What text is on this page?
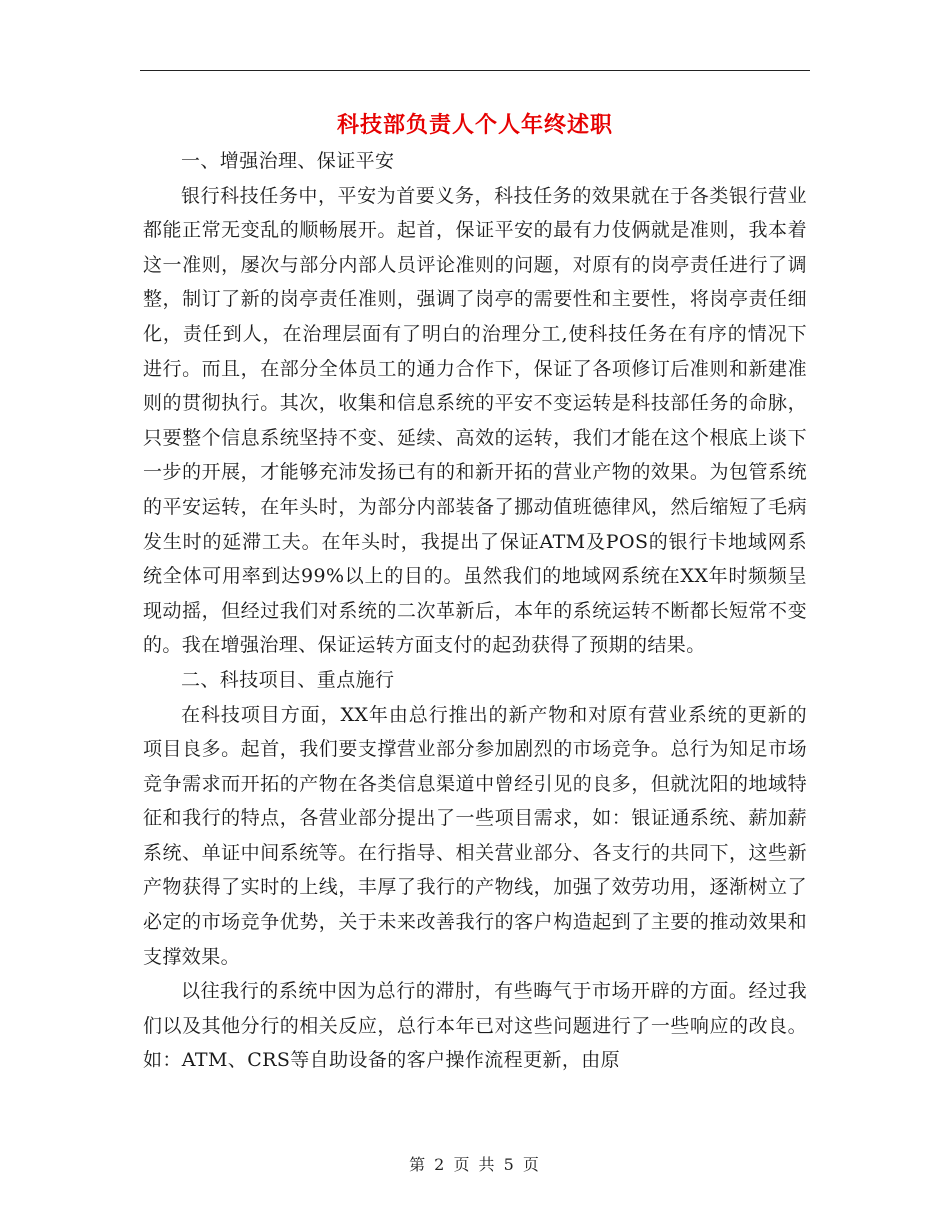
科技部负责人个人年终述职

一、增强治理、保证平安

银行科技任务中，平安为首要义务，科技任务的效果就在于各类银行营业都能正常无变乱的顺畅展开。起首，保证平安的最有力伎俩就是准则，我本着这一准则，屡次与部分内部人员评论准则的问题，对原有的岗亭责任进行了调整，制订了新的岗亭责任准则，强调了岗亭的需要性和主要性，将岗亭责任细化，责任到人，在治理层面有了明白的治理分工,使科技任务在有序的情况下进行。而且，在部分全体员工的通力合作下，保证了各项修订后准则和新建准则的贯彻执行。其次，收集和信息系统的平安不变运转是科技部任务的命脉，只要整个信息系统坚持不变、延续、高效的运转，我们才能在这个根底上谈下一步的开展，才能够充沛发扬已有的和新开拓的营业产物的效果。为包管系统的平安运转，在年头时，为部分内部装备了挪动值班德律风，然后缩短了毛病发生时的延滞工夫。在年头时，我提出了保证ATM及POS的银行卡地域网系统全体可用率到达99%以上的目的。虽然我们的地域网系统在XX年时频频呈现动摇，但经过我们对系统的二次革新后，本年的系统运转不断都长短常不变的。我在增强治理、保证运转方面支付的起劲获得了预期的结果。

二、科技项目、重点施行

在科技项目方面，XX年由总行推出的新产物和对原有营业系统的更新的项目良多。起首，我们要支撑营业部分参加剧烈的市场竞争。总行为知足市场竞争需求而开拓的产物在各类信息渠道中曾经引见的良多，但就沈阳的地域特征和我行的特点，各营业部分提出了一些项目需求，如：银证通系统、薪加薪系统、单证中间系统等。在行指导、相关营业部分、各支行的共同下，这些新产物获得了实时的上线，丰厚了我行的产物线，加强了效劳功用，逐渐树立了必定的市场竞争优势，关于未来改善我行的客户构造起到了主要的推动效果和支撑效果。

以往我行的系统中因为总行的滞肘，有些晦气于市场开辟的方面。经过我们以及其他分行的相关反应，总行本年已对这些问题进行了一些响应的改良。如：ATM、CRS等自助设备的客户操作流程更新，由原

第 2 页 共 5 页
